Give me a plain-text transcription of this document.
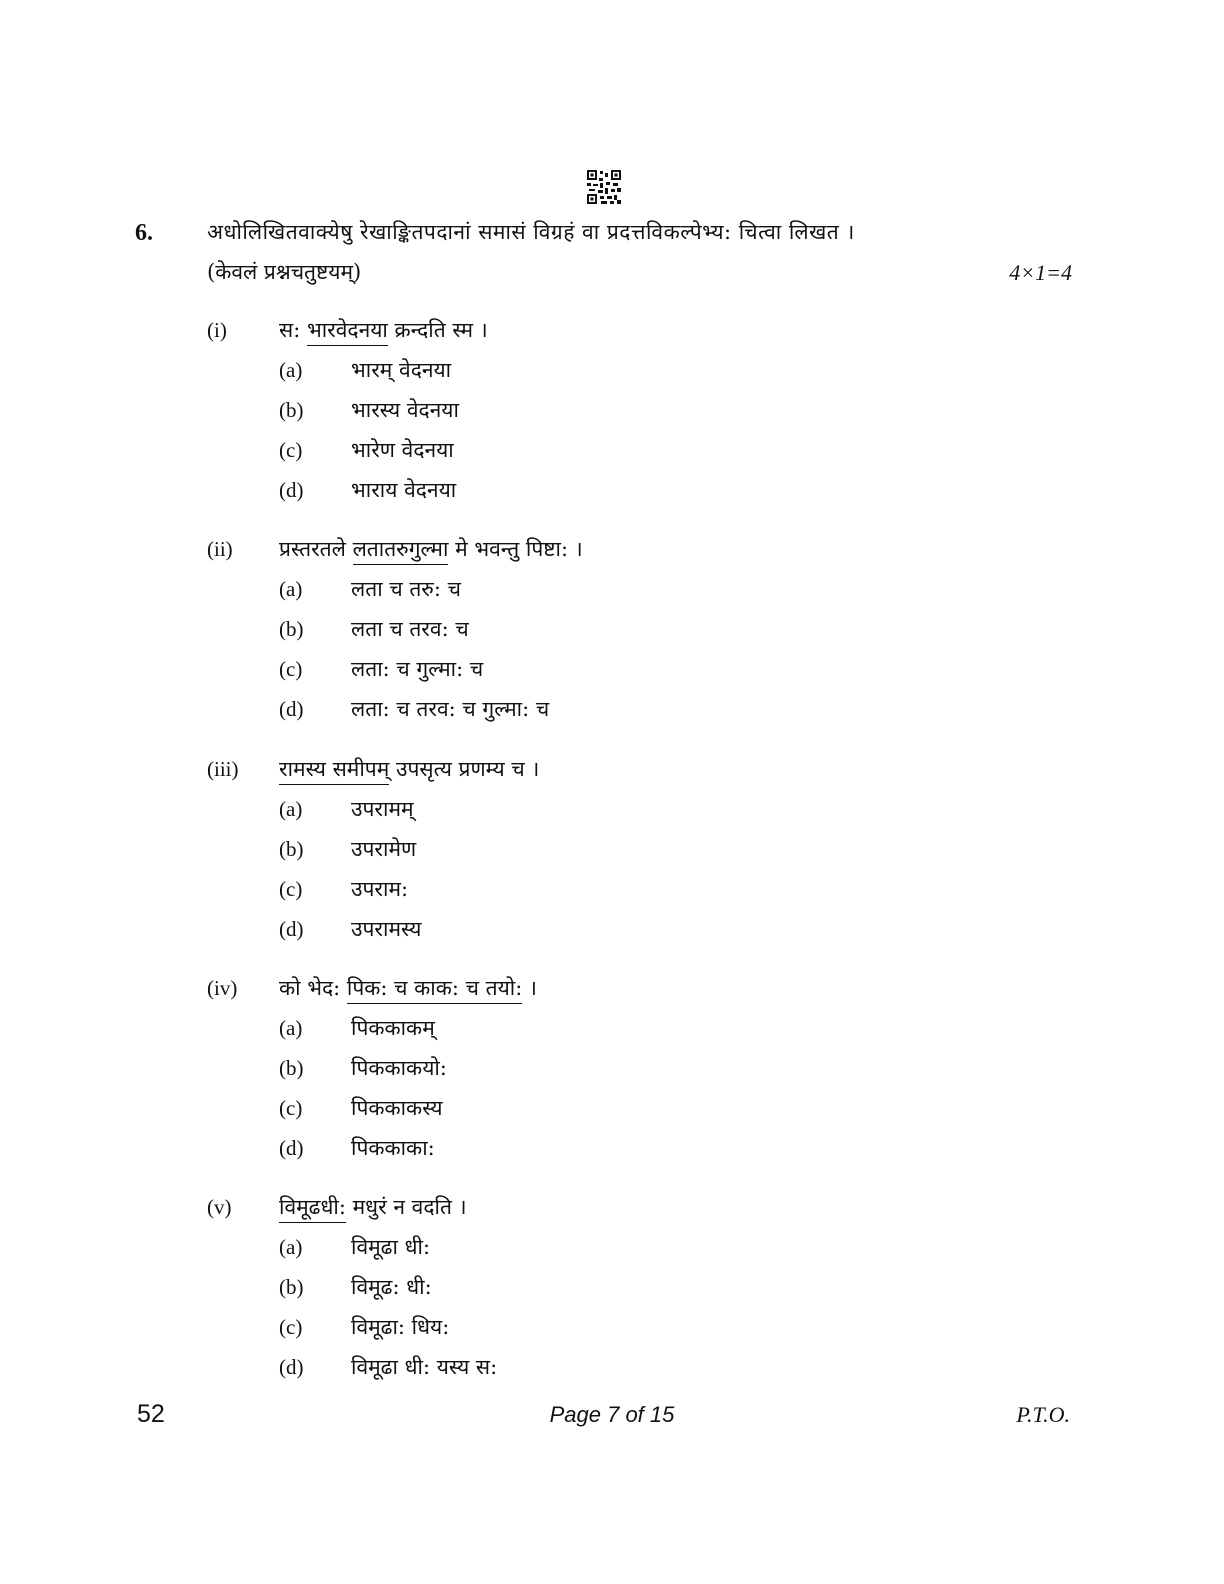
6.	अधोलिखितवाक्येषु रेखाङ्कितपदानां समासं विग्रहं वा प्रदत्तविकल्पेभ्य: चित्वा लिखत ।
(केवलं प्रश्नचतुष्टयम्)	4×1=4
(i) स: भारवेदनया क्रन्दति स्म ।
(a) भारम् वेदनया
(b) भारस्य वेदनया
(c) भारेण वेदनया
(d) भाराय वेदनया
(ii) प्रस्तरतले लतातरुगुल्मा मे भवन्तु पिष्टा: ।
(a) लता च तरु: च
(b) लता च तरव: च
(c) लता: च गुल्मा: च
(d) लता: च तरव: च गुल्मा: च
(iii) रामस्य समीपम् उपसृत्य प्रणम्य च ।
(a) उपरामम्
(b) उपरामेण
(c) उपराम:
(d) उपरामस्य
(iv) को भेद: पिक: च काक: च तयो: ।
(a) पिककाकम्
(b) पिककाकयो:
(c) पिककाकस्य
(d) पिककाका:
(v) विमूढधी: मधुरं न वदति ।
(a) विमूढा धी:
(b) विमूढ: धी:
(c) विमूढा: धिय:
(d) विमूढा धी: यस्य स:
52	Page 7 of 15	P.T.O.
